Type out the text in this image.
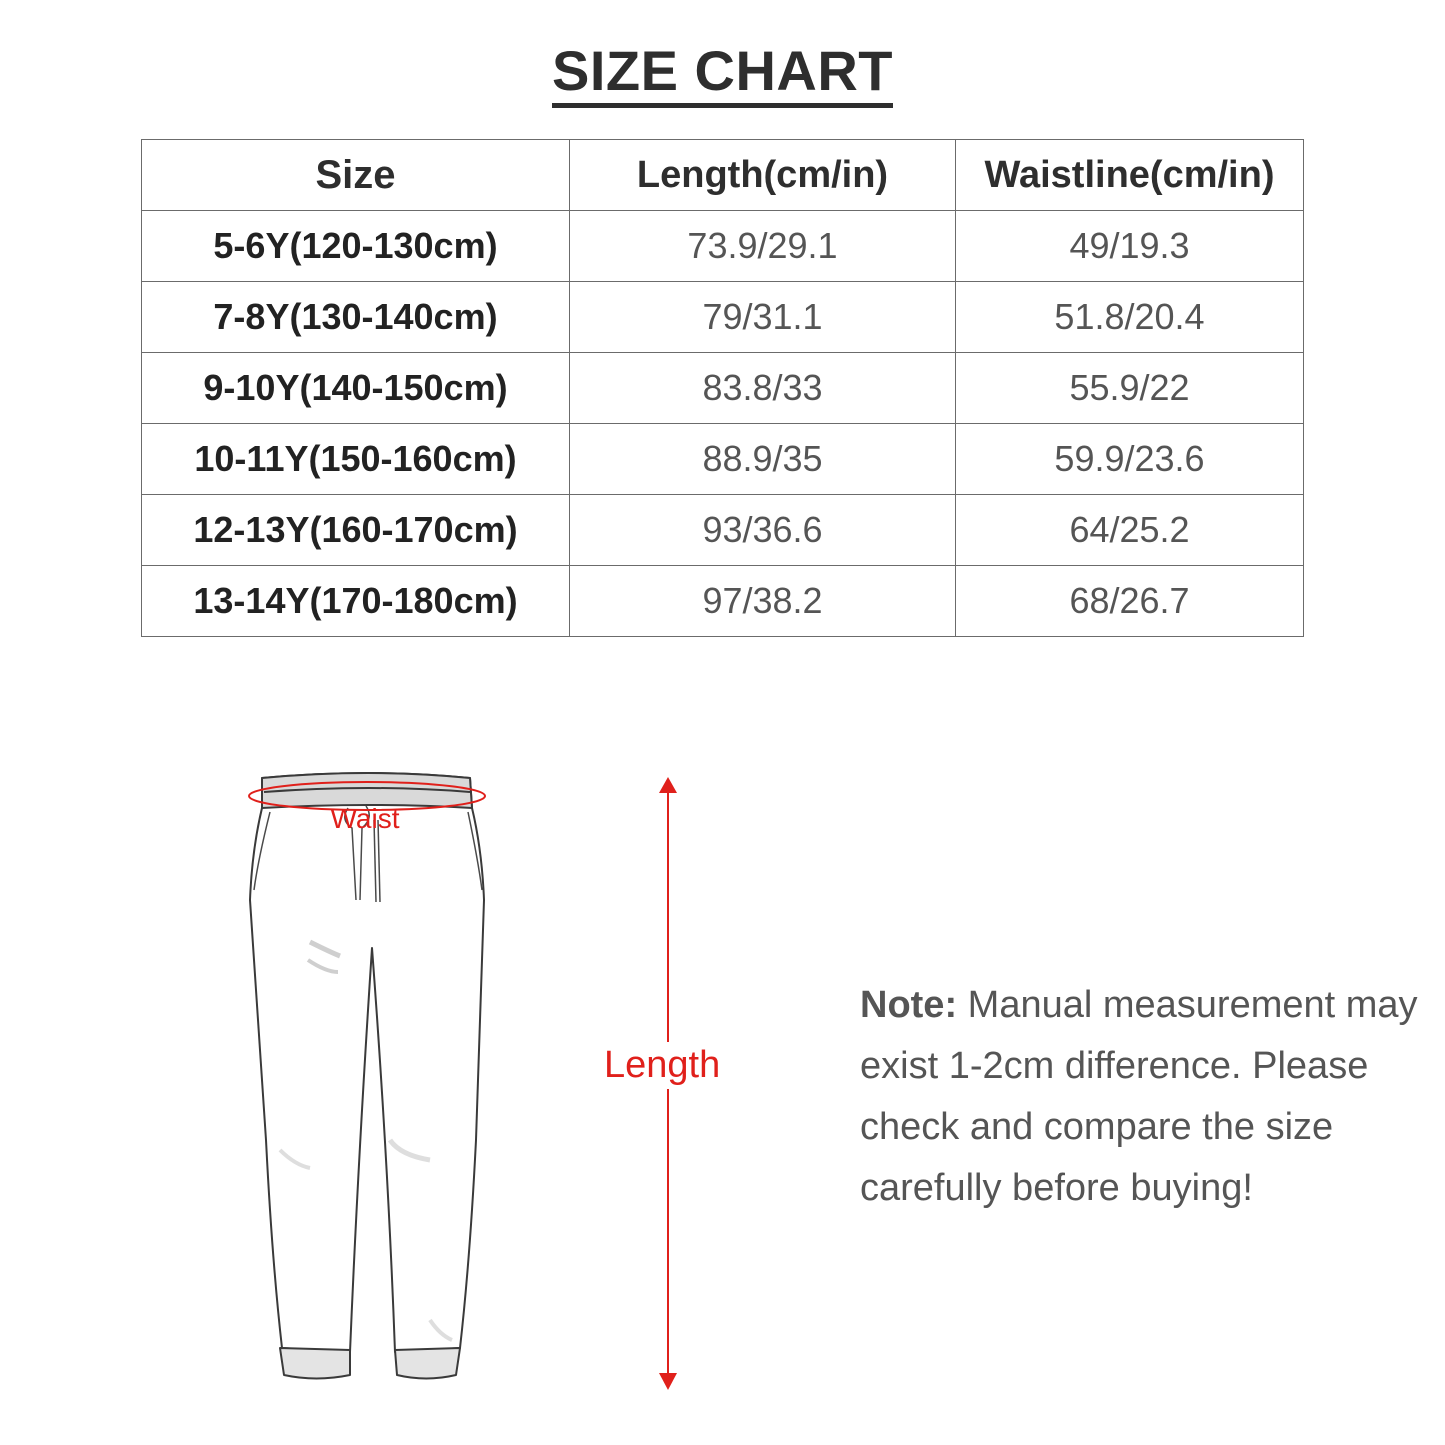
SIZE CHART
Size	Length(cm/in)	Waistline(cm/in)
5-6Y(120-130cm)	73.9/29.1	49/19.3
7-8Y(130-140cm)	79/31.1	51.8/20.4
9-10Y(140-150cm)	83.8/33	55.9/22
10-11Y(150-160cm)	88.9/35	59.9/23.6
12-13Y(160-170cm)	93/36.6	64/25.2
13-14Y(170-180cm)	97/38.2	68/26.7
Waist
Length
Note: Manual measurement may exist 1-2cm difference. Please check and compare the size carefully before buying!
